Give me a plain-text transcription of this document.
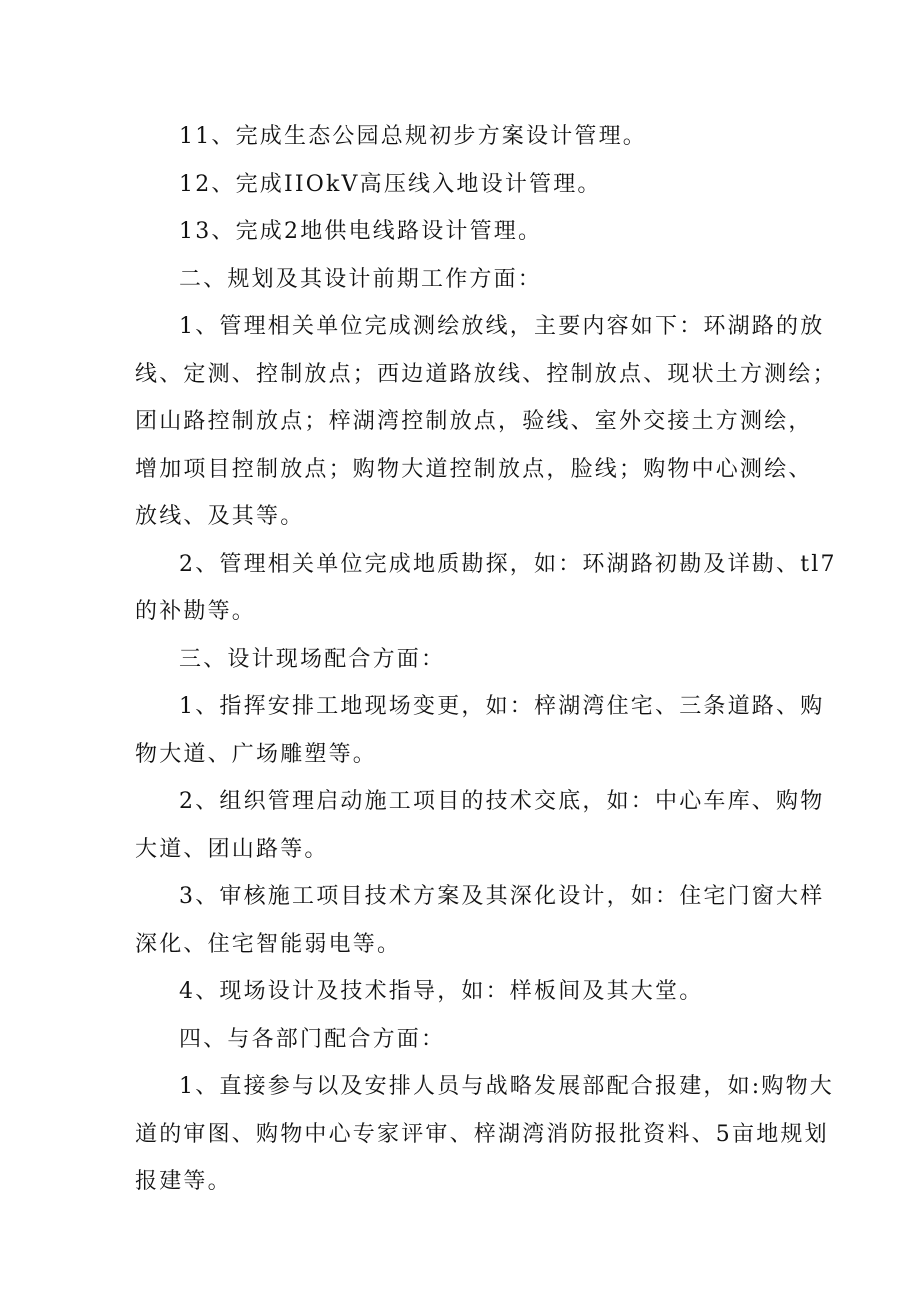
11、完成生态公园总规初步方案设计管理。

12、完成IIOkV高压线入地设计管理。

13、完成2地供电线路设计管理。

二、规划及其设计前期工作方面：

1、管理相关单位完成测绘放线，主要内容如下：环湖路的放
线、定测、控制放点；西边道路放线、控制放点、现状土方测绘；
团山路控制放点；梓湖湾控制放点，验线、室外交接土方测绘，
增加项目控制放点；购物大道控制放点，脸线；购物中心测绘、
放线、及其等。

2、管理相关单位完成地质勘探，如：环湖路初勘及详勘、tl7
的补勘等。

三、设计现场配合方面：

1、指挥安排工地现场变更，如：梓湖湾住宅、三条道路、购
物大道、广场雕塑等。

2、组织管理启动施工项目的技术交底，如：中心车库、购物
大道、团山路等。

3、审核施工项目技术方案及其深化设计，如：住宅门窗大样
深化、住宅智能弱电等。

4、现场设计及技术指导，如：样板间及其大堂。

四、与各部门配合方面：

1、直接参与以及安排人员与战略发展部配合报建，如:购物大
道的审图、购物中心专家评审、梓湖湾消防报批资料、5亩地规划
报建等。
